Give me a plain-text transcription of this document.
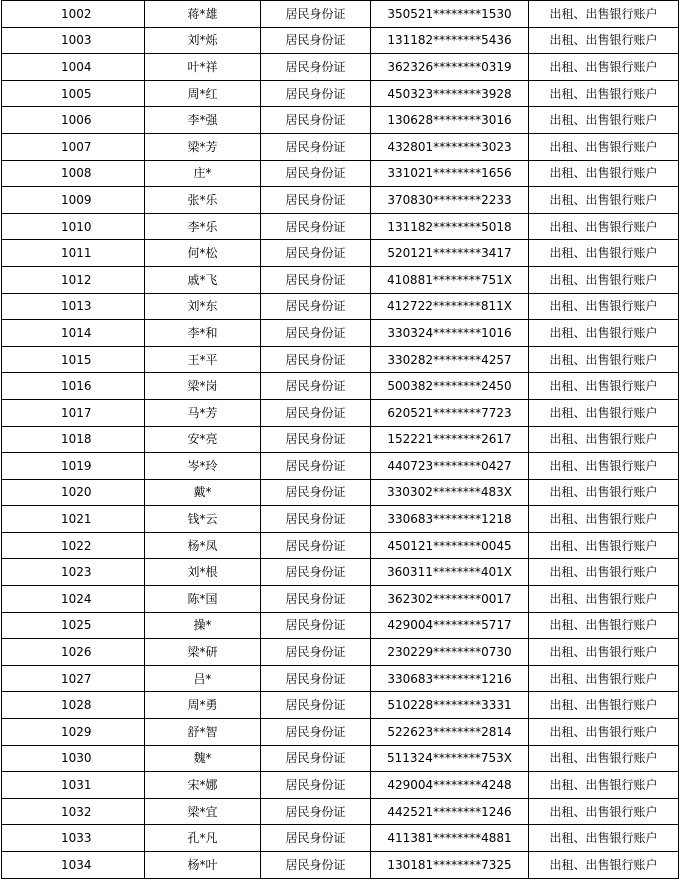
1002	蒋*雄	居民身份证	350521********1530	出租、出售银行账户
1003	刘*烁	居民身份证	131182********5436	出租、出售银行账户
1004	叶*祥	居民身份证	362326********0319	出租、出售银行账户
1005	周*红	居民身份证	450323********3928	出租、出售银行账户
1006	李*强	居民身份证	130628********3016	出租、出售银行账户
1007	梁*芳	居民身份证	432801********3023	出租、出售银行账户
1008	庄*	居民身份证	331021********1656	出租、出售银行账户
1009	张*乐	居民身份证	370830********2233	出租、出售银行账户
1010	李*乐	居民身份证	131182********5018	出租、出售银行账户
1011	何*松	居民身份证	520121********3417	出租、出售银行账户
1012	戚*飞	居民身份证	410881********751X	出租、出售银行账户
1013	刘*东	居民身份证	412722********811X	出租、出售银行账户
1014	李*和	居民身份证	330324********1016	出租、出售银行账户
1015	王*平	居民身份证	330282********4257	出租、出售银行账户
1016	梁*岗	居民身份证	500382********2450	出租、出售银行账户
1017	马*芳	居民身份证	620521********7723	出租、出售银行账户
1018	安*亮	居民身份证	152221********2617	出租、出售银行账户
1019	岑*玲	居民身份证	440723********0427	出租、出售银行账户
1020	戴*	居民身份证	330302********483X	出租、出售银行账户
1021	钱*云	居民身份证	330683********1218	出租、出售银行账户
1022	杨*凤	居民身份证	450121********0045	出租、出售银行账户
1023	刘*根	居民身份证	360311********401X	出租、出售银行账户
1024	陈*国	居民身份证	362302********0017	出租、出售银行账户
1025	操*	居民身份证	429004********5717	出租、出售银行账户
1026	梁*研	居民身份证	230229********0730	出租、出售银行账户
1027	吕*	居民身份证	330683********1216	出租、出售银行账户
1028	周*勇	居民身份证	510228********3331	出租、出售银行账户
1029	舒*智	居民身份证	522623********2814	出租、出售银行账户
1030	魏*	居民身份证	511324********753X	出租、出售银行账户
1031	宋*娜	居民身份证	429004********4248	出租、出售银行账户
1032	梁*宜	居民身份证	442521********1246	出租、出售银行账户
1033	孔*凡	居民身份证	411381********4881	出租、出售银行账户
1034	杨*叶	居民身份证	130181********7325	出租、出售银行账户
